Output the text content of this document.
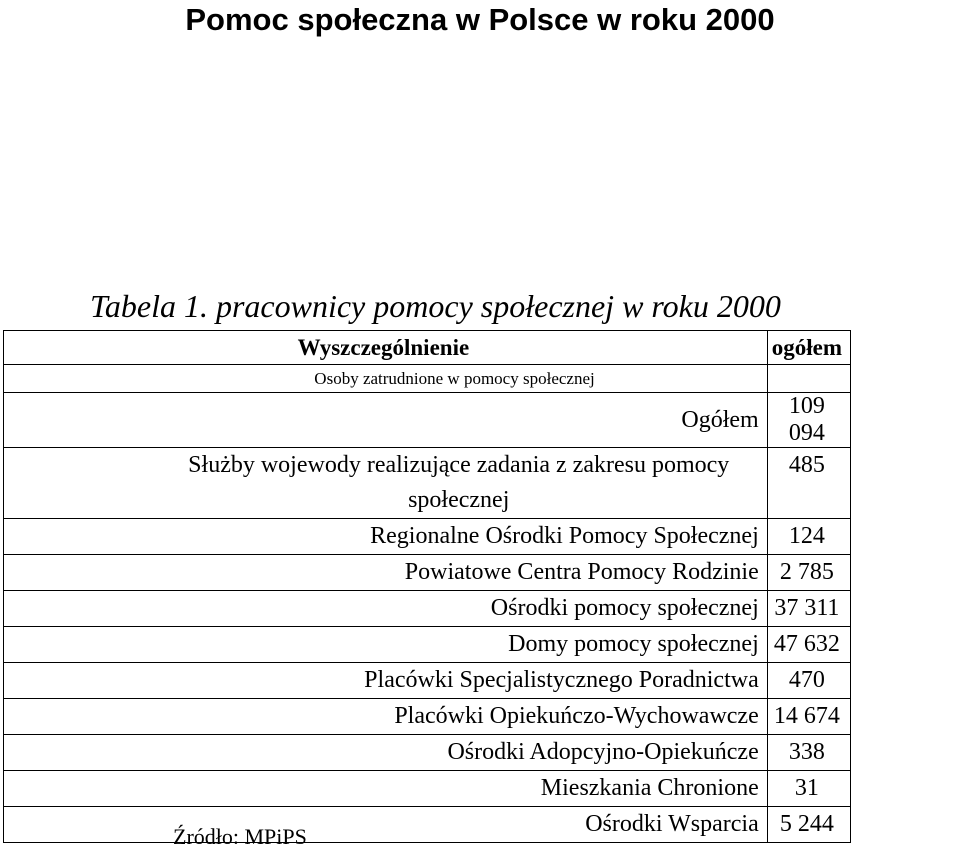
Pomoc społeczna w Polsce w roku 2000

Tabela 1. pracownicy pomocy społecznej w roku 2000

Wyszczególnienie	ogółem
Osoby zatrudnione w pomocy społecznej	
Ogółem	109 094
Służby wojewody realizujące zadania z zakresu pomocy społecznej	485
Regionalne Ośrodki Pomocy Społecznej	124
Powiatowe Centra Pomocy Rodzinie	2 785
Ośrodki pomocy społecznej	37 311
Domy pomocy społecznej	47 632
Placówki Specjalistycznego Poradnictwa	470
Placówki Opiekuńczo-Wychowawcze	14 674
Ośrodki Adopcyjno-Opiekuńcze	338
Mieszkania Chronione	31
Ośrodki Wsparcia	5 244

Źródło: MPiPS
